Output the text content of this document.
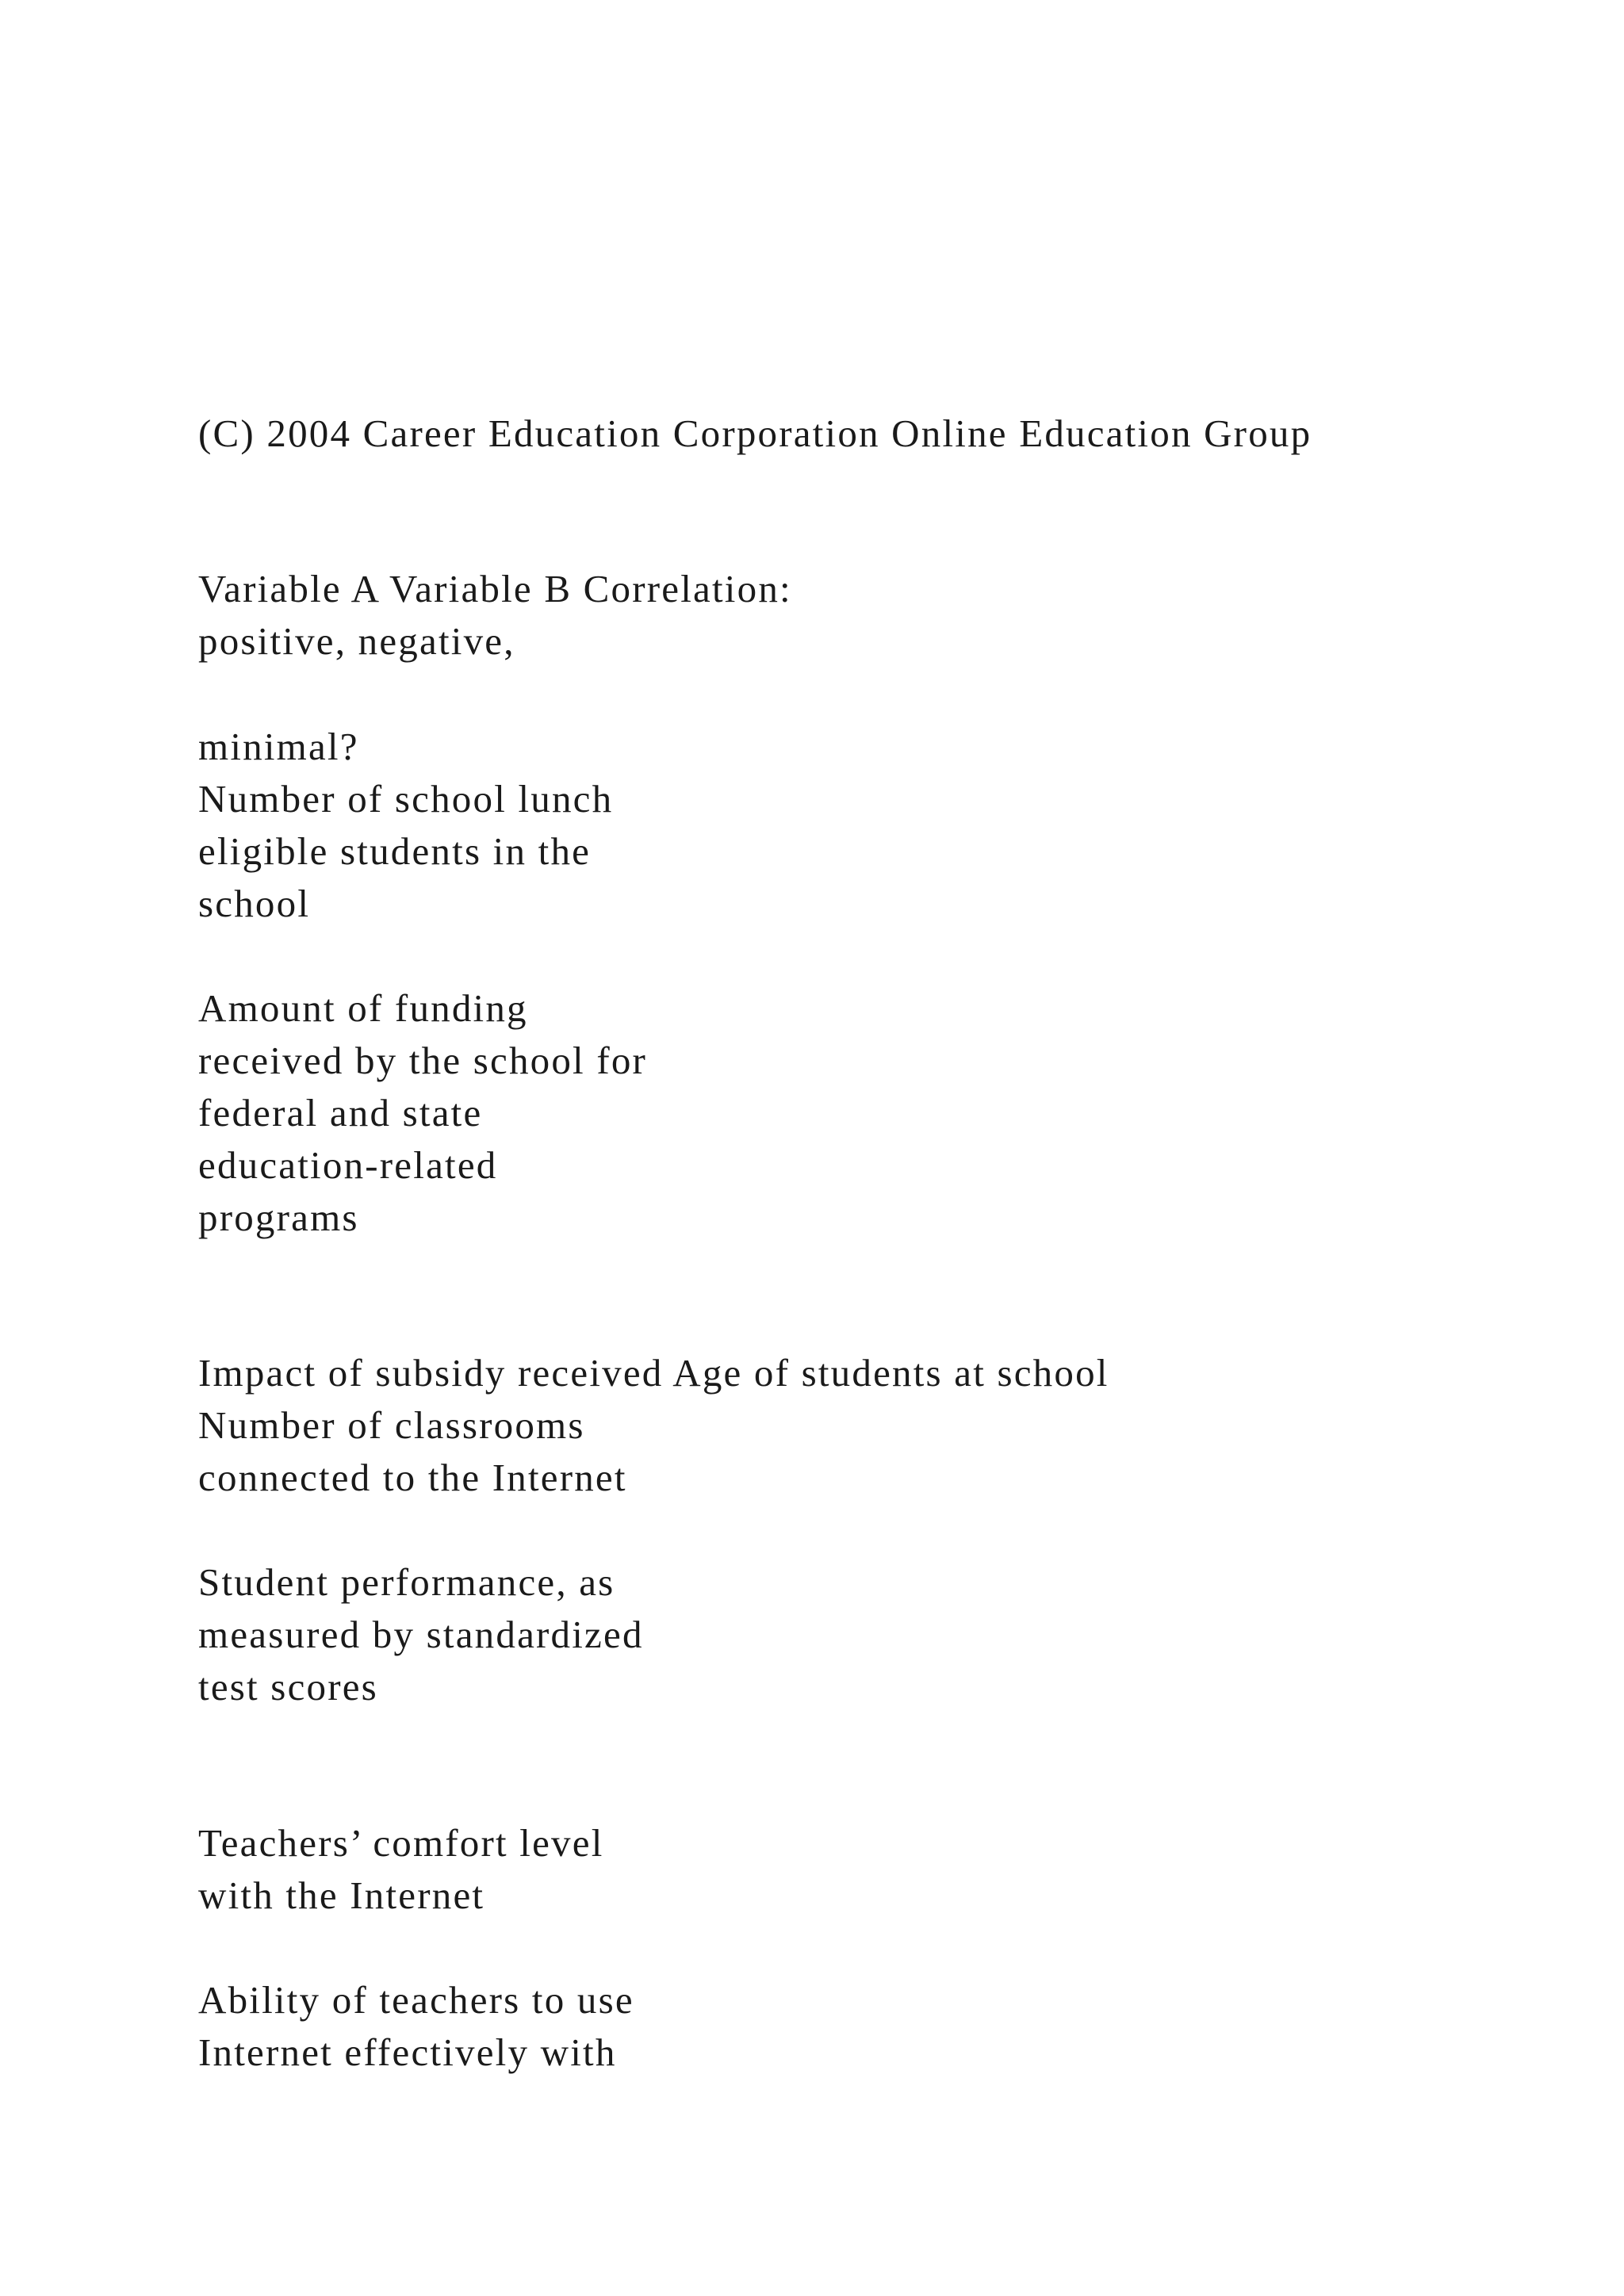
(C) 2004 Career Education Corporation Online Education Group
Variable A Variable B Correlation:
positive, negative,
minimal?
Number of school lunch
eligible students in the
school
Amount of funding
received by the school for
federal and state
education-related
programs
Impact of subsidy received Age of students at school
Number of classrooms
connected to the Internet
Student performance, as
measured by standardized
test scores
Teachers’ comfort level
with the Internet
Ability of teachers to use
Internet effectively with
